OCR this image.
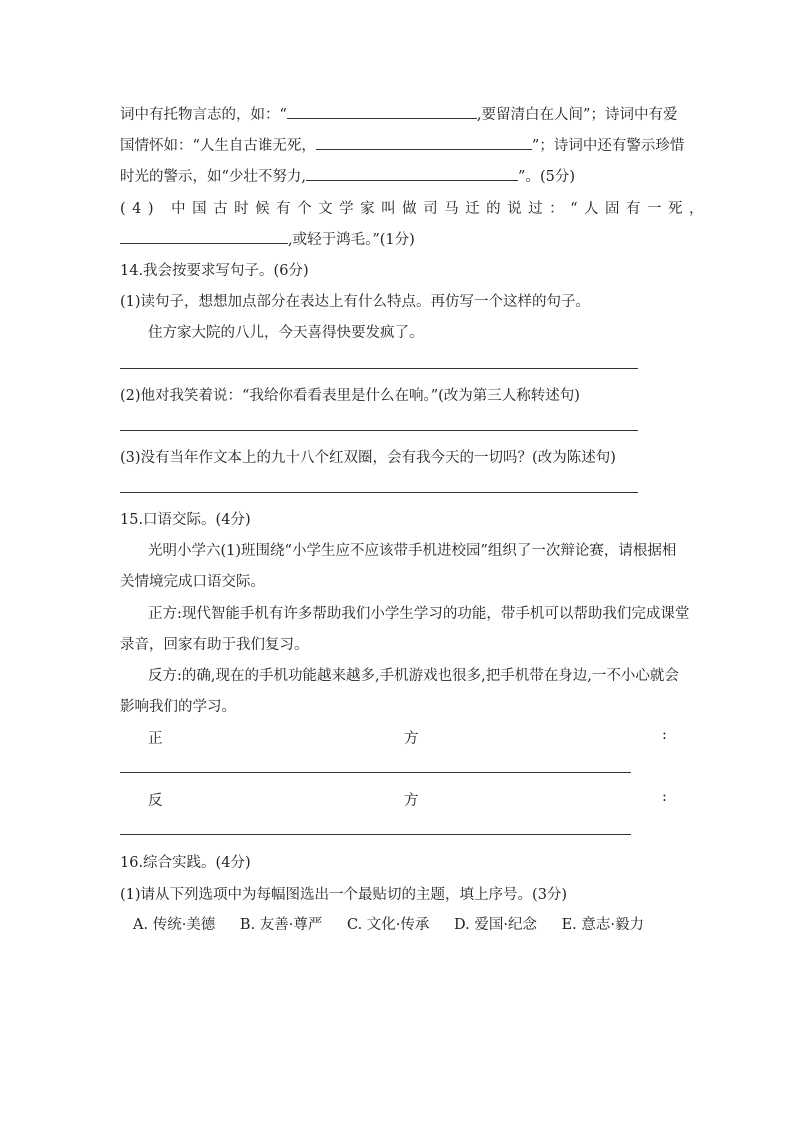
词中有托物言志的，如：“	,要留清白在人间”；诗词中有爱
国情怀如：“人生自古谁无死，	”；诗词中还有警示珍惜
时光的警示，如“少壮不努力,	”。(5分)
(4) 中国古时候有个文学家叫做司马迁的说过：“人固有一死，
,或轻于鸿毛。”(1分)
14.我会按要求写句子。(6分)
(1)读句子，想想加点部分在表达上有什么特点。再仿写一个这样的句子。
住方家大院的八儿，今天喜得快要发疯了。
(2)他对我笑着说：“我给你看看表里是什么在响。”(改为第三人称转述句)
(3)没有当年作文本上的九十八个红双圈，会有我今天的一切吗？(改为陈述句)
15.口语交际。(4分)
光明小学六(1)班围绕“小学生应不应该带手机进校园”组织了一次辩论赛，请根据相
关情境完成口语交际。
正方:现代智能手机有许多帮助我们小学生学习的功能，带手机可以帮助我们完成课堂
录音，回家有助于我们复习。
反方:的确,现在的手机功能越来越多,手机游戏也很多,把手机带在身边,一不小心就会
影响我们的学习。
正	方	:
反	方	:
16.综合实践。(4分)
(1)请从下列选项中为每幅图选出一个最贴切的主题，填上序号。(3分)
A. 传统·美德 B. 友善·尊严 C. 文化·传承 D. 爱国·纪念 E. 意志·毅力
